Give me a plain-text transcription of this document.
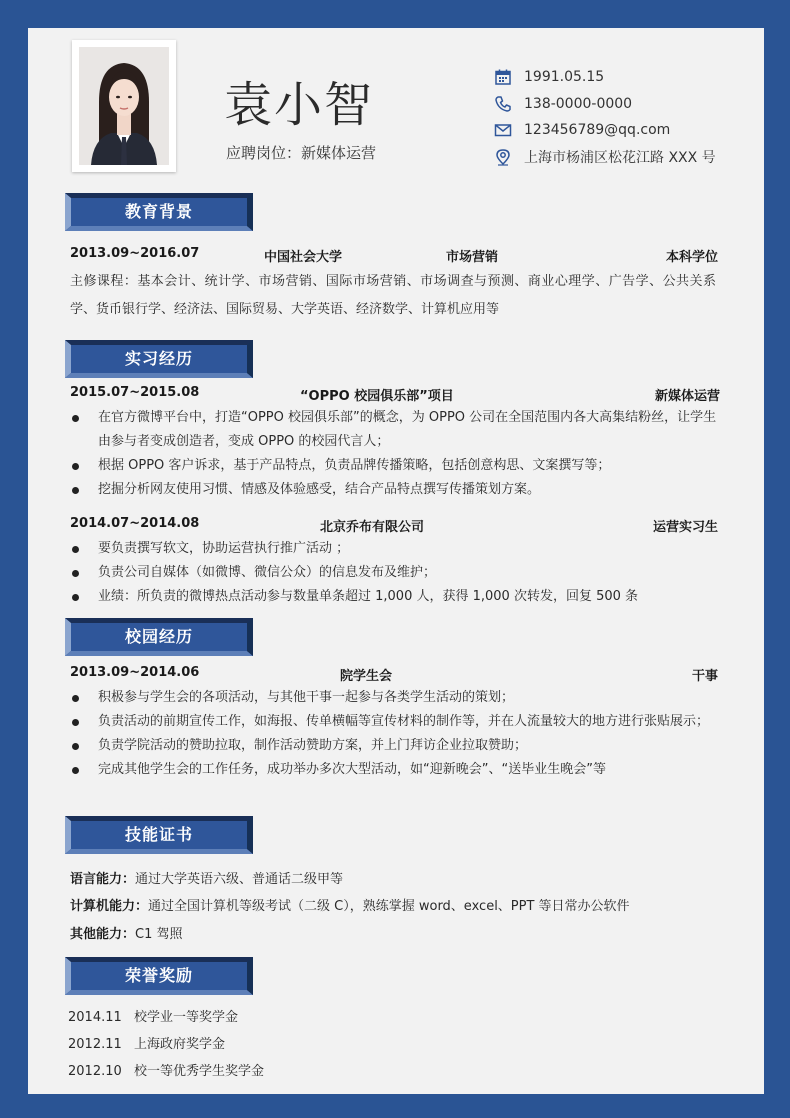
袁小智
应聘岗位：新媒体运营
1991.05.15
138-0000-0000
123456789@qq.com
上海市杨浦区松花江路 XXX 号
教育背景
2013.09~2016.07	中国社会大学	市场营销	本科学位
主修课程：基本会计、统计学、市场营销、国际市场营销、市场调查与预测、商业心理学、广告学、公共关系学、货币银行学、经济法、国际贸易、大学英语、经济数学、计算机应用等
实习经历
2015.07~2015.08	“OPPO 校园俱乐部”项目	新媒体运营
在官方微博平台中，打造“OPPO 校园俱乐部”的概念，为 OPPO 公司在全国范围内各大高集结粉丝，让学生由参与者变成创造者，变成 OPPO 的校园代言人；
根据 OPPO 客户诉求，基于产品特点，负责品牌传播策略，包括创意构思、文案撰写等；
挖掘分析网友使用习惯、情感及体验感受，结合产品特点撰写传播策划方案。
2014.07~2014.08	北京乔布有限公司	运营实习生
要负责撰写软文，协助运营执行推广活动 ；
负责公司自媒体（如微博、微信公众）的信息发布及维护；
业绩：所负责的微博热点活动参与数量单条超过 1,000 人，获得 1,000 次转发，回复 500 条
校园经历
2013.09~2014.06	院学生会	干事
积极参与学生会的各项活动，与其他干事一起参与各类学生活动的策划；
负责活动的前期宣传工作，如海报、传单横幅等宣传材料的制作等，并在人流量较大的地方进行张贴展示；
负责学院活动的赞助拉取，制作活动赞助方案，并上门拜访企业拉取赞助；
完成其他学生会的工作任务，成功举办多次大型活动，如“迎新晚会”、“送毕业生晚会”等
技能证书
语言能力：通过大学英语六级、普通话二级甲等
计算机能力：通过全国计算机等级考试（二级 C），熟练掌握 word、excel、PPT 等日常办公软件
其他能力：C1 驾照
荣誉奖励
2014.11 校学业一等奖学金
2012.11 上海政府奖学金
2012.10 校一等优秀学生奖学金
